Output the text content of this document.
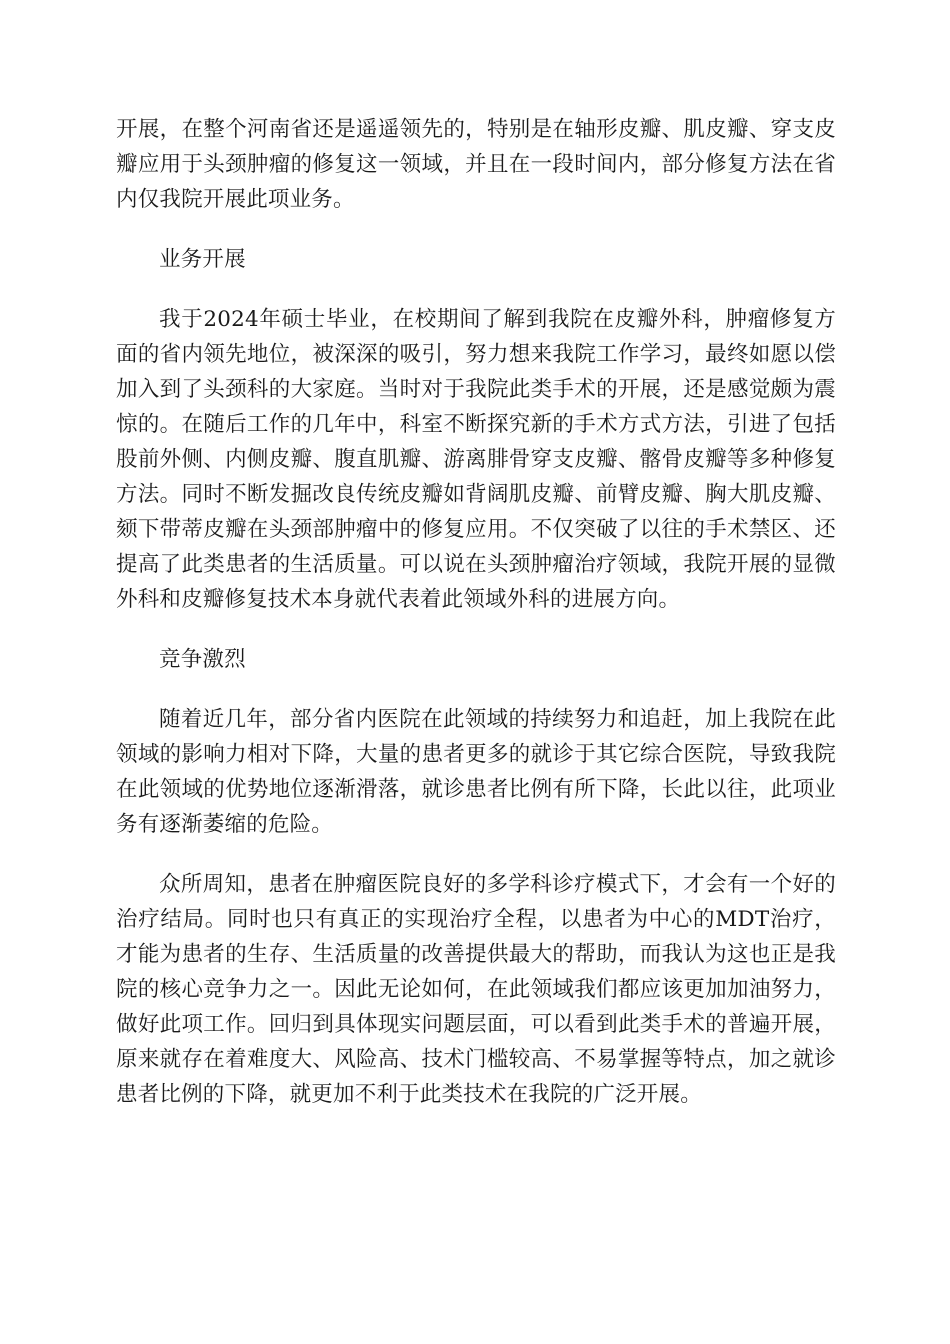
开展，在整个河南省还是遥遥领先的，特别是在轴形皮瓣、肌皮瓣、穿支皮瓣应用于头颈肿瘤的修复这一领域，并且在一段时间内，部分修复方法在省内仅我院开展此项业务。

业务开展

我于2024年硕士毕业，在校期间了解到我院在皮瓣外科，肿瘤修复方面的省内领先地位，被深深的吸引，努力想来我院工作学习，最终如愿以偿加入到了头颈科的大家庭。当时对于我院此类手术的开展，还是感觉颇为震惊的。在随后工作的几年中，科室不断探究新的手术方式方法，引进了包括股前外侧、内侧皮瓣、腹直肌瓣、游离腓骨穿支皮瓣、髂骨皮瓣等多种修复方法。同时不断发掘改良传统皮瓣如背阔肌皮瓣、前臂皮瓣、胸大肌皮瓣、颏下带蒂皮瓣在头颈部肿瘤中的修复应用。不仅突破了以往的手术禁区、还提高了此类患者的生活质量。可以说在头颈肿瘤治疗领域，我院开展的显微外科和皮瓣修复技术本身就代表着此领域外科的进展方向。

竞争激烈

随着近几年，部分省内医院在此领域的持续努力和追赶，加上我院在此领域的影响力相对下降，大量的患者更多的就诊于其它综合医院，导致我院在此领域的优势地位逐渐滑落，就诊患者比例有所下降，长此以往，此项业务有逐渐萎缩的危险。

众所周知，患者在肿瘤医院良好的多学科诊疗模式下，才会有一个好的治疗结局。同时也只有真正的实现治疗全程，以患者为中心的MDT治疗，才能为患者的生存、生活质量的改善提供最大的帮助，而我认为这也正是我院的核心竞争力之一。因此无论如何，在此领域我们都应该更加加油努力，做好此项工作。回归到具体现实问题层面，可以看到此类手术的普遍开展，原来就存在着难度大、风险高、技术门槛较高、不易掌握等特点，加之就诊患者比例的下降，就更加不利于此类技术在我院的广泛开展。
